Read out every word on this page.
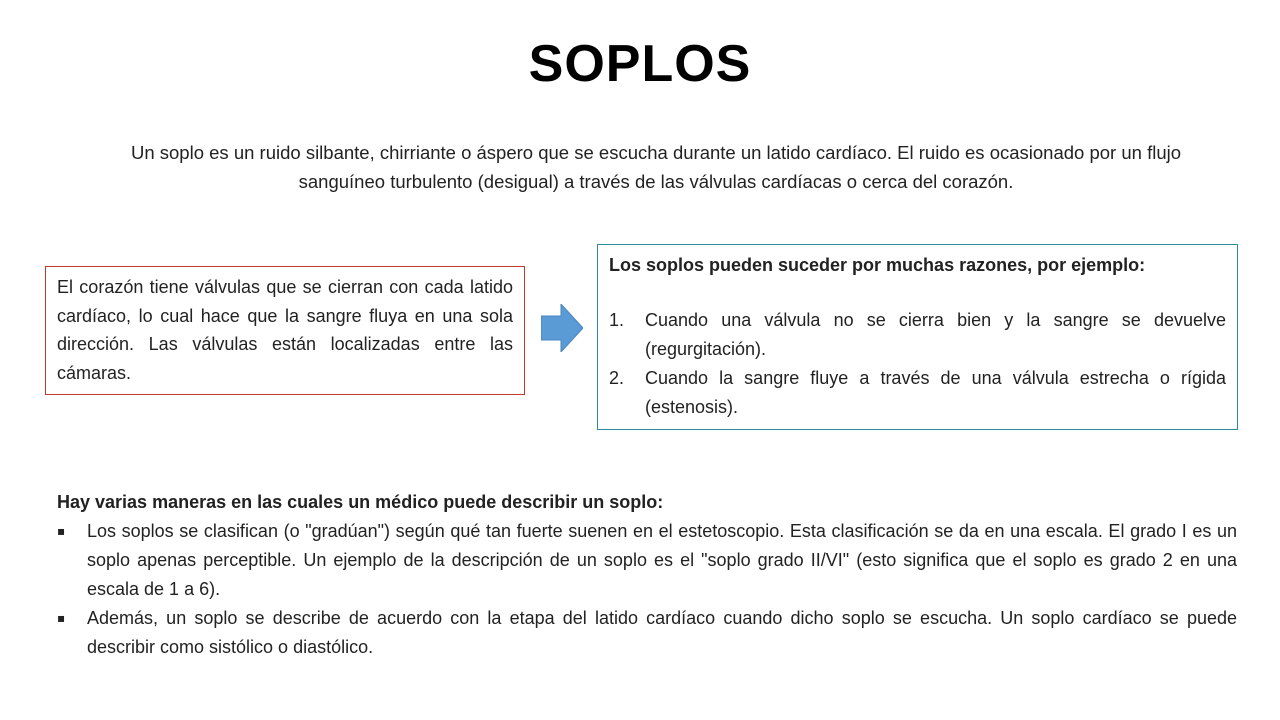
SOPLOS
Un soplo es un ruido silbante, chirriante o áspero que se escucha durante un latido cardíaco. El ruido es ocasionado por un flujo sanguíneo turbulento (desigual) a través de las válvulas cardíacas o cerca del corazón.
El corazón tiene válvulas que se cierran con cada latido cardíaco, lo cual hace que la sangre fluya en una sola dirección. Las válvulas están localizadas entre las cámaras.
Los soplos pueden suceder por muchas razones, por ejemplo:
1.	Cuando una válvula no se cierra bien y la sangre se devuelve (regurgitación).
2.	Cuando la sangre fluye a través de una válvula estrecha o rígida (estenosis).
Hay varias maneras en las cuales un médico puede describir un soplo:
▪	Los soplos se clasifican (o "gradúan") según qué tan fuerte suenen en el estetoscopio. Esta clasificación se da en una escala. El grado I es un soplo apenas perceptible. Un ejemplo de la descripción de un soplo es el "soplo grado II/VI" (esto significa que el soplo es grado 2 en una escala de 1 a 6).
▪	Además, un soplo se describe de acuerdo con la etapa del latido cardíaco cuando dicho soplo se escucha. Un soplo cardíaco se puede describir como sistólico o diastólico.
